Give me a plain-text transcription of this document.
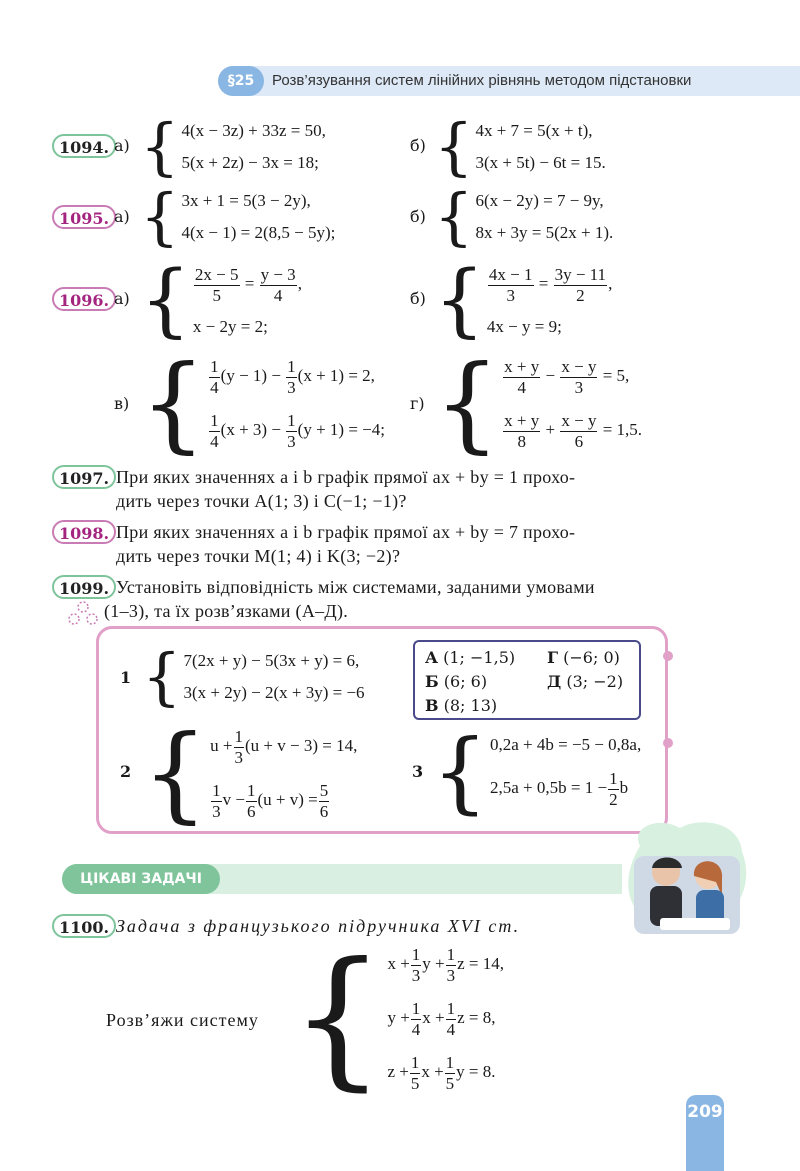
§25	Розв’язування систем лінійних рівнянь методом підстановки
1094. а) { 4(x − 3z) + 33z = 50,
5(x + 2z) − 3x = 18;
б) { 4x + 7 = 5(x + t),
3(x + 5t) − 6t = 15.
1095. а) { 3x + 1 = 5(3 − 2y),
4(x − 1) = 2(8,5 − 5y);
б) { 6(x − 2y) = 7 − 9y,
8x + 3y = 5(2x + 1).
1096. а) { $\frac{2x - 5}{5} = \frac{y - 3}{4}$ ,
x − 2y = 2;
б) { $\frac{4x - 1}{3} = \frac{3y - 11}{2}$ ,
4x − y = 9;
в) { $\frac{1}{4} (y - 1) - \frac{1}{3} (x + 1) = 2$,
$\frac{1}{4} (x + 3) - \frac{1}{3} (y + 1) = -4$;
г) { $\frac{x + y}{4} - \frac{x - y}{3} = 5$,
$\frac{x + y}{8} + \frac{x - y}{6} = 1,5$.
1097. При яких значеннях a і b графік прямої ax + by = 1 прохо-
дить через точки A(1; 3) і C(−1; −1)?
1098. При яких значеннях a і b графік прямої ax + by = 7 прохо-
дить через точки M(1; 4) і K(3; −2)?
1099. Установіть відповідність між системами, заданими умовами
(1–3), та їх розв’язками (А–Д).
1 { 7(2x + y) − 5(3x + y) = 6,
3(x + 2y) − 2(x + 3y) = −6
А (1; −1,5)	Г (−6; 0)
Б (6; 6)	Д (3; −2)
В (8; 13)
2 { $u + \frac{1}{3} (u + v - 3) = 14$,
$\frac{1}{3}$ $v - \frac{1}{6} (u + v) = \frac{5}{6}$
3 { 0,2a + 4b = −5 − 0,8a,
$2,5a + 0,5b = 1 - \frac{1}{2}$ b
ЦІКАВІ ЗАДАЧІ
1100. Задача з французького підручника XVI ст.
Розв’яжи систему { $x + \frac{1}{3}$ $y + \frac{1}{3}$ z = 14,
$y + \frac{1}{4}$ $x + \frac{1}{4}$ z = 8,
$z + \frac{1}{5}$ $x + \frac{1}{5}$ y = 8.
209
